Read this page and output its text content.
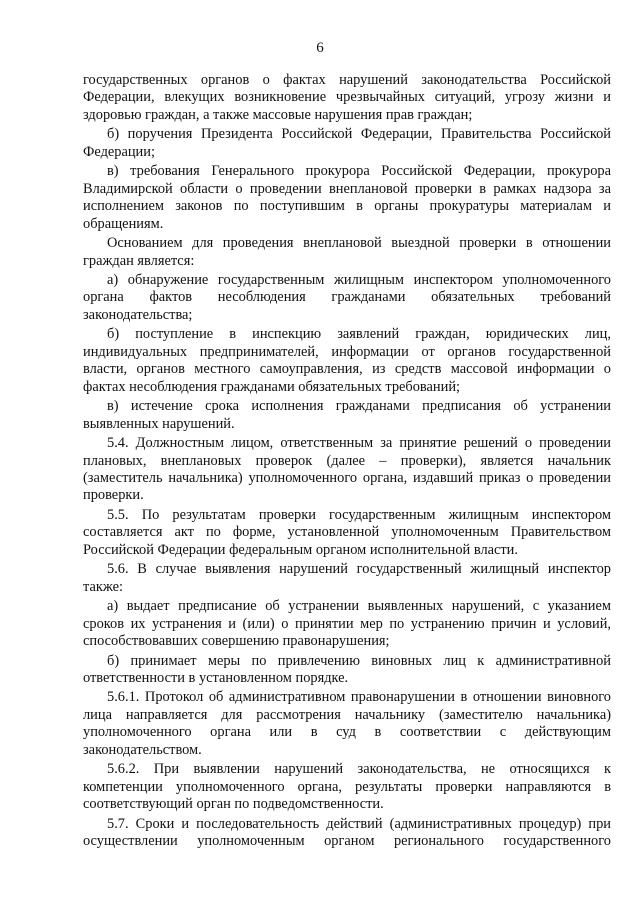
6

государственных органов о фактах нарушений законодательства Российской Федерации, влекущих возникновение чрезвычайных ситуаций, угрозу жизни и здоровью граждан, а также массовые нарушения прав граждан;

б) поручения Президента Российской Федерации, Правительства Российской Федерации;

в) требования Генерального прокурора Российской Федерации, прокурора Владимирской области о проведении внеплановой проверки в рамках надзора за исполнением законов по поступившим в органы прокуратуры материалам и обращениям.

Основанием для проведения внеплановой выездной проверки в отношении граждан является:

а) обнаружение государственным жилищным инспектором уполномоченного органа фактов несоблюдения гражданами обязательных требований законодательства;

б) поступление в инспекцию заявлений граждан, юридических лиц, индивидуальных предпринимателей, информации от органов государственной власти, органов местного самоуправления, из средств массовой информации о фактах несоблюдения гражданами обязательных требований;

в) истечение срока исполнения гражданами предписания об устранении выявленных нарушений.

5.4. Должностным лицом, ответственным за принятие решений о проведении плановых, внеплановых проверок (далее – проверки), является начальник (заместитель начальника) уполномоченного органа, издавший приказ о проведении проверки.

5.5. По результатам проверки государственным жилищным инспектором составляется акт по форме, установленной уполномоченным Правительством Российской Федерации федеральным органом исполнительной власти.

5.6. В случае выявления нарушений государственный жилищный инспектор также:

а) выдает предписание об устранении выявленных нарушений, с указанием сроков их устранения и (или) о принятии мер по устранению причин и условий, способствовавших совершению правонарушения;

б) принимает меры по привлечению виновных лиц к административной ответственности в установленном порядке.

5.6.1. Протокол об административном правонарушении в отношении виновного лица направляется для рассмотрения начальнику (заместителю начальника) уполномоченного органа или в суд в соответствии с действующим законодательством.

5.6.2. При выявлении нарушений законодательства, не относящихся к компетенции уполномоченного органа, результаты проверки направляются в соответствующий орган по подведомственности.

5.7. Сроки и последовательность действий (административных процедур) при осуществлении уполномоченным органом регионального государственного
